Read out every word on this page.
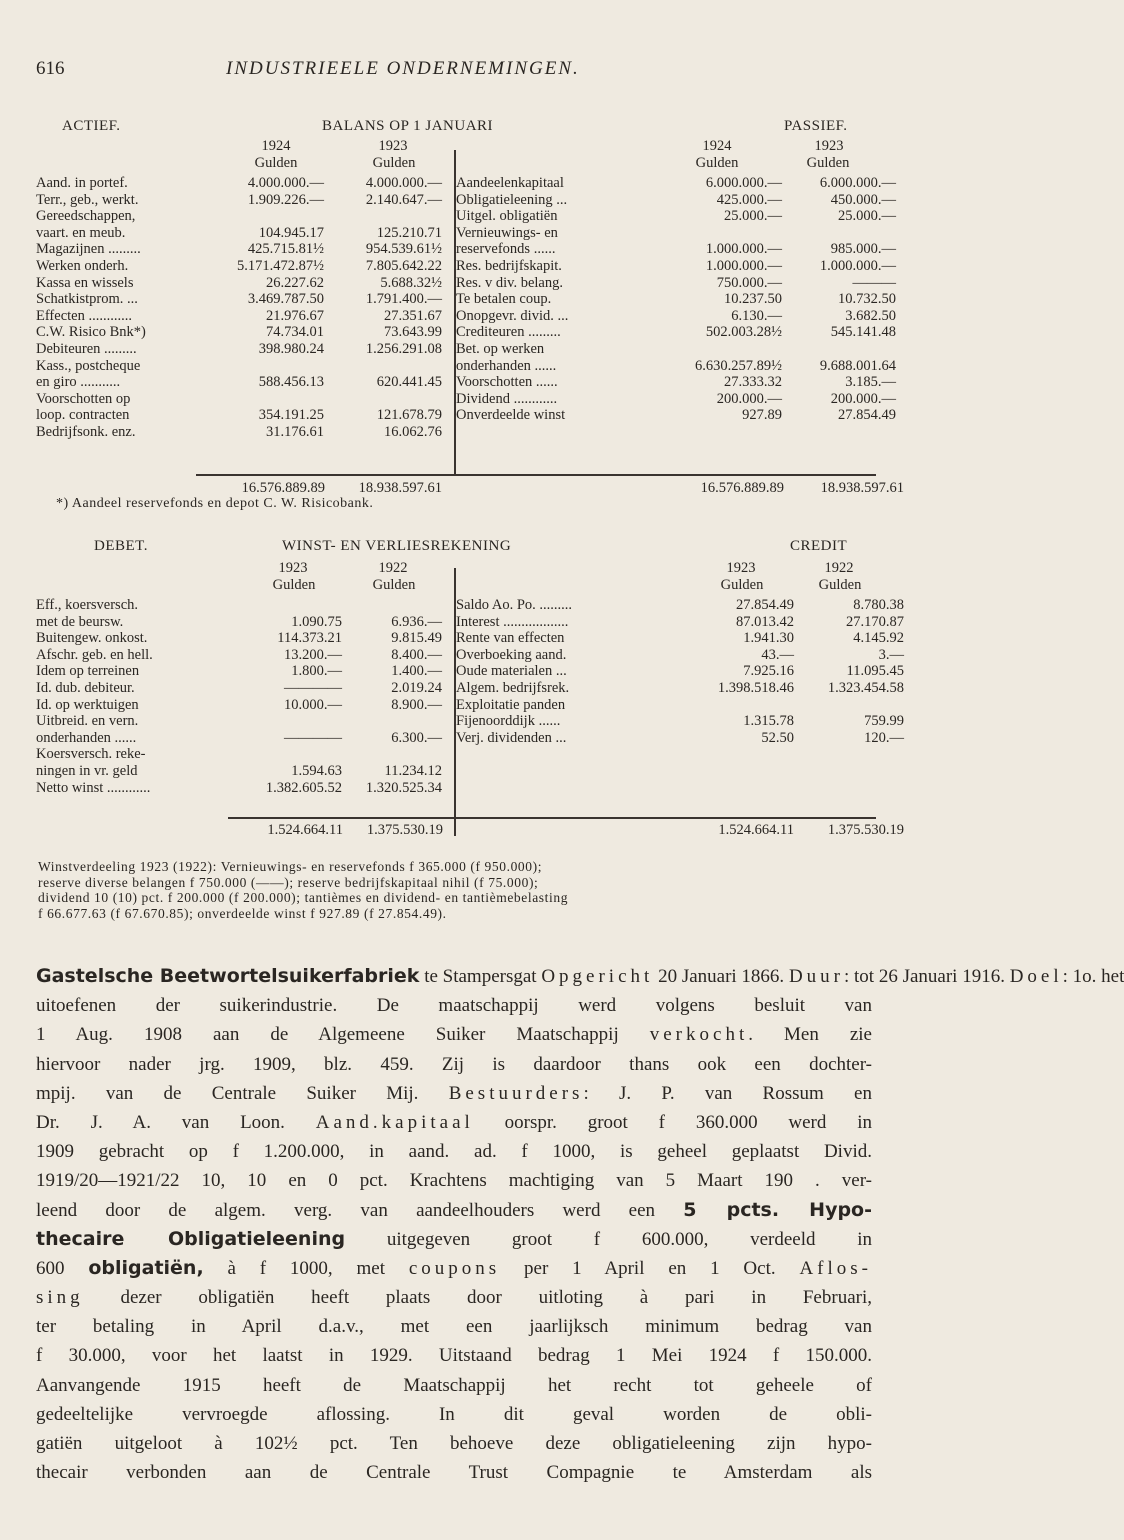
616	INDUSTRIEELE ONDERNEMINGEN.
ACTIEF.	BALANS OP 1 JANUARI	PASSIEF.
1924	1923	1924	1923
Gulden	Gulden	Gulden	Gulden
Aand. in portef.	4.000.000.—	4.000.000.—
Terr., geb., werkt.	1.909.226.—	2.140.647.—
Gereedschappen,
vaart. en meub.	104.945.17	125.210.71
Magazijnen .........	425.715.81½	954.539.61½
Werken onderh.	5.171.472.87½	7.805.642.22
Kassa en wissels	26.227.62	5.688.32½
Schatkistprom. ...	3.469.787.50	1.791.400.—
Effecten ............	21.976.67	27.351.67
C.W. Risico Bnk*)	74.734.01	73.643.99
Debiteuren .........	398.980.24	1.256.291.08
Kass., postcheque
en giro ...........	588.456.13	620.441.45
Voorschotten op
loop. contracten	354.191.25	121.678.79
Bedrijfsonk. enz.	31.176.61	16.062.76
Aandeelenkapitaal	6.000.000.—	6.000.000.—
Obligatieleening ...	425.000.—	450.000.—
Uitgel. obligatiën	25.000.—	25.000.—
Vernieuwings- en
reservefonds ......	1.000.000.—	985.000.—
Res. bedrijfskapit.	1.000.000.—	1.000.000.—
Res. v div. belang.	750.000.—	———
Te betalen coup.	10.237.50	10.732.50
Onopgevr. divid. ...	6.130.—	3.682.50
Crediteuren .........	502.003.28½	545.141.48
Bet. op werken
onderhanden ......	6.630.257.89½	9.688.001.64
Voorschotten ......	27.333.32	3.185.—
Dividend ............	200.000.—	200.000.—
Onverdeelde winst	927.89	27.854.49
16.576.889.89	18.938.597.61	16.576.889.89	18.938.597.61
*) Aandeel reservefonds en depot C. W. Risicobank.
DEBET.	WINST- EN VERLIESREKENING	CREDIT
1923	1922	1923	1922
Gulden	Gulden	Gulden	Gulden
Eff., koersversch.
met de beursw.	1.090.75	6.936.—
Buitengew. onkost.	114.373.21	9.815.49
Afschr. geb. en hell.	13.200.—	8.400.—
Idem op terreinen	1.800.—	1.400.—
Id. dub. debiteur.	————	2.019.24
Id. op werktuigen	10.000.—	8.900.—
Uitbreid. en vern.
onderhanden ......	————	6.300.—
Koersversch. reke-
ningen in vr. geld	1.594.63	11.234.12
Netto winst ............	1.382.605.52	1.320.525.34
Saldo Ao. Po. .........	27.854.49	8.780.38
Interest ..................	87.013.42	27.170.87
Rente van effecten	1.941.30	4.145.92
Overboeking aand.	43.—	3.—
Oude materialen ...	7.925.16	11.095.45
Algem. bedrijfsrek.	1.398.518.46	1.323.454.58
Exploitatie panden
Fijenoorddijk ......	1.315.78	759.99
Verj. dividenden ...	52.50	120.—
1.524.664.11	1.375.530.19	1.524.664.11	1.375.530.19
Winstverdeeling 1923 (1922): Vernieuwings- en reservefonds f 365.000 (f 950.000);
reserve diverse belangen f 750.000 (——); reserve bedrijfskapitaal nihil (f 75.000);
dividend 10 (10) pct. f 200.000 (f 200.000); tantièmes en dividend- en tantièmebelasting
f 66.677.63 (f 67.670.85); onverdeelde winst f 927.89 (f 27.854.49).
Gastelsche Beetwortelsuikerfabriek te Stampersgat Opgericht 20 Januari 1866. Duur: tot 26 Januari 1916. Doel: 1o. het
uitoefenen der suikerindustrie. De maatschappij werd volgens besluit van
1 Aug. 1908 aan de Algemeene Suiker Maatschappij verkocht. Men zie
hiervoor nader jrg. 1909, blz. 459. Zij is daardoor thans ook een dochter-
mpij. van de Centrale Suiker Mij. Bestuurders: J. P. van Rossum en
Dr. J. A. van Loon. Aand.kapitaal oorspr. groot f 360.000 werd in
1909 gebracht op f 1.200.000, in aand. ad. f 1000, is geheel geplaatst Divid.
1919/20—1921/22 10, 10 en 0 pct. Krachtens machtiging van 5 Maart 190 . ver-
leend door de algem. verg. van aandeelhouders werd een 5 pcts. Hypo-
thecaire Obligatieleening uitgegeven groot f 600.000, verdeeld in
600 obligatiën, à f 1000, met coupons per 1 April en 1 Oct. Aflos-
sing dezer obligatiën heeft plaats door uitloting à pari in Februari,
ter betaling in April d.a.v., met een jaarlijksch minimum bedrag van
f 30.000, voor het laatst in 1929. Uitstaand bedrag 1 Mei 1924 f 150.000.
Aanvangende 1915 heeft de Maatschappij het recht tot geheele of
gedeeltelijke vervroegde aflossing. In dit geval worden de obli-
gatiën uitgeloot à 102½ pct. Ten behoeve deze obligatieleening zijn hypo-
thecair verbonden aan de Centrale Trust Compagnie te Amsterdam als
